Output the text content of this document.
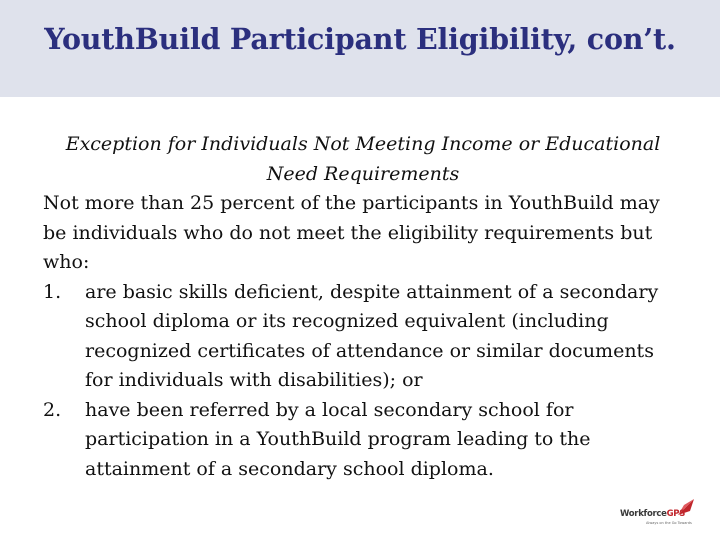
YouthBuild Participant Eligibility, con’t.

Exception for Individuals Not Meeting Income or Educational Need Requirements

Not more than 25 percent of the participants in YouthBuild may be individuals who do not meet the eligibility requirements but who:

1.	are basic skills deficient, despite attainment of a secondary school diploma or its recognized equivalent (including recognized certificates of attendance or similar documents for individuals with disabilities); or
2.	have been referred by a local secondary school for participation in a YouthBuild program leading to the attainment of a secondary school diploma.
WorkforceGPS
Always on the Go Towards
